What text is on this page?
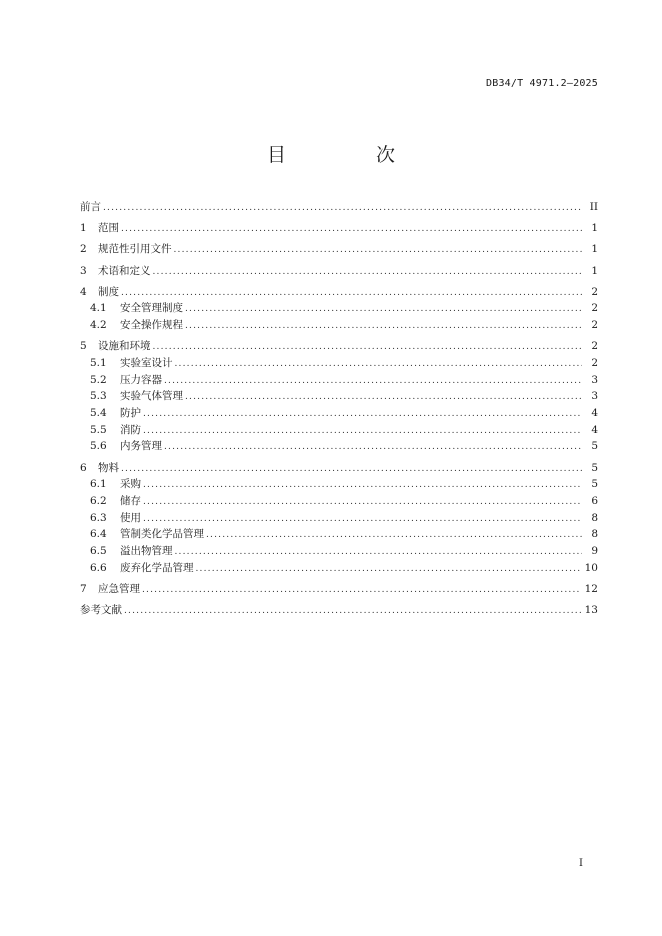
DB34/T 4971.2—2025
目 次
前言 .....	II
1	范围 .....	1
2	规范性引用文件 .....	1
3	术语和定义 .....	1
4	制度 .....	2
4.1	安全管理制度 .....	2
4.2	安全操作规程 .....	2
5	设施和环境 .....	2
5.1	实验室设计 .....	2
5.2	压力容器 .....	3
5.3	实验气体管理 .....	3
5.4	防护 .....	4
5.5	消防 .....	4
5.6	内务管理 .....	5
6	物料 .....	5
6.1	采购 .....	5
6.2	储存 .....	6
6.3	使用 .....	8
6.4	管制类化学品管理 .....	8
6.5	溢出物管理 .....	9
6.6	废弃化学品管理 .....	10
7	应急管理 .....	12
参考文献 .....	13
I
